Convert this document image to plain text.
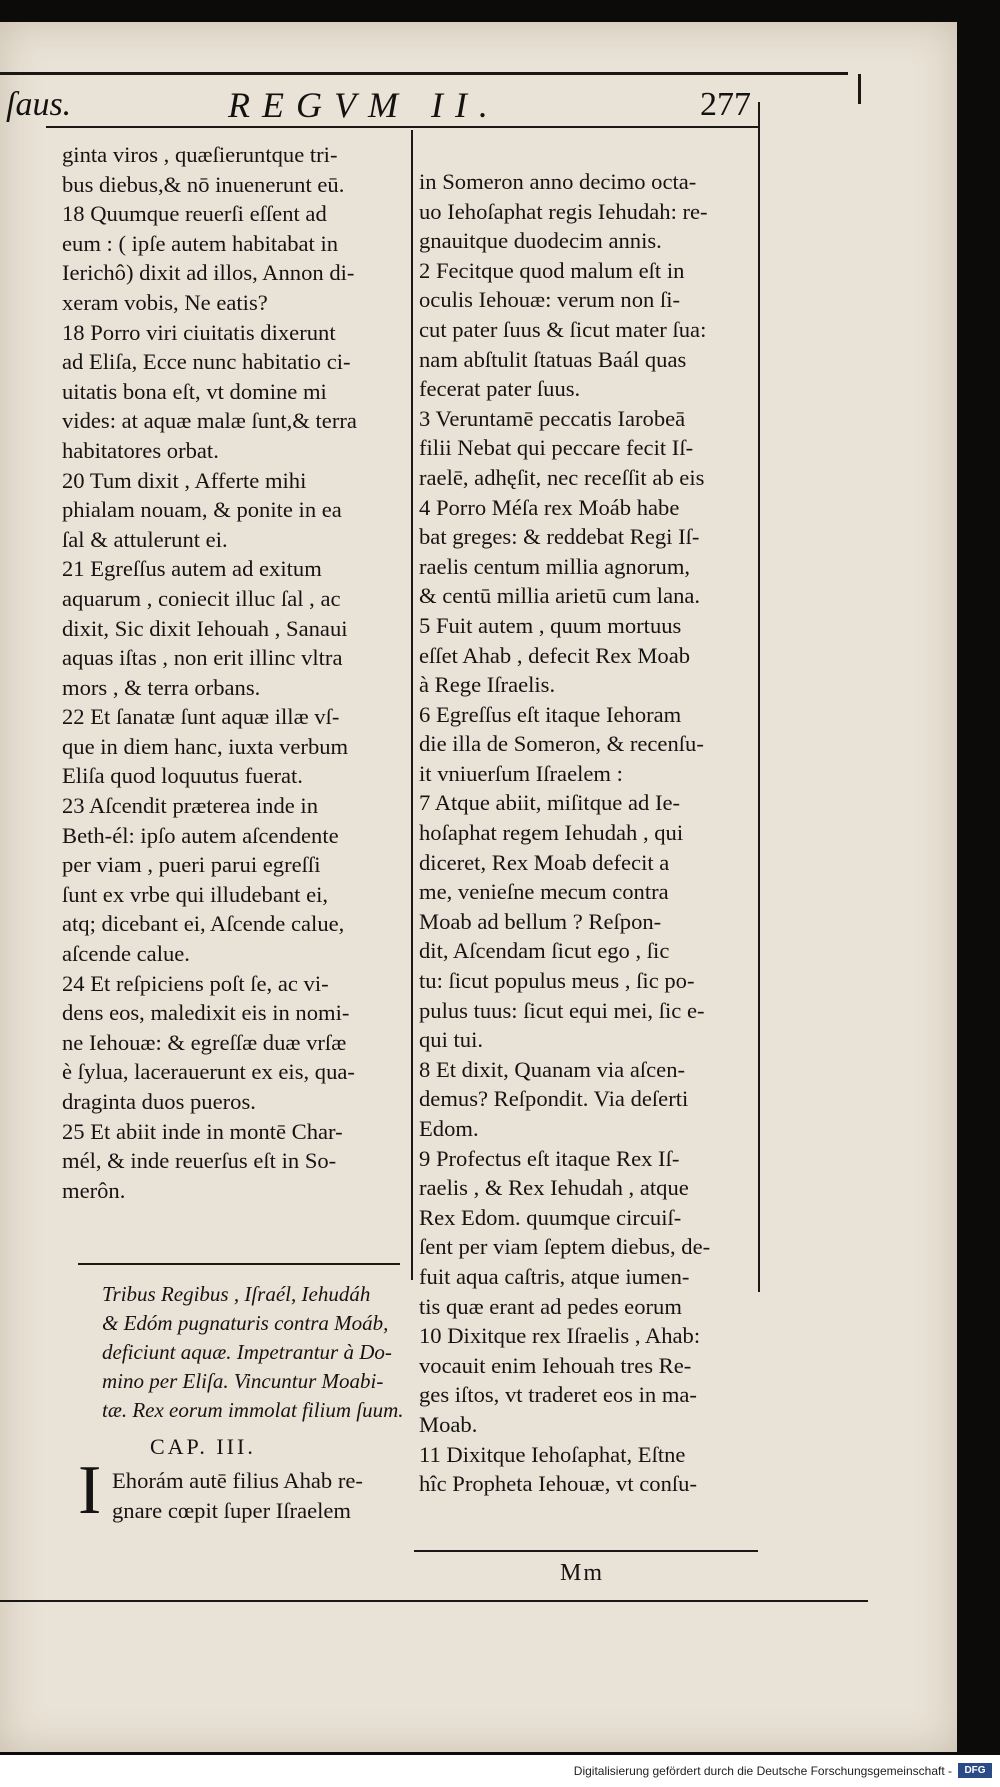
ſaus.	REGVM II.	277
ginta viros , quæſieruntque tri-
bus diebus,& nō inuenerunt eū.
18 Quumque reuerſi eſſent ad
eum : ( ipſe autem habitabat in
Ierichô) dixit ad illos, Annon di-
xeram vobis, Ne eatis?
18 Porro viri ciuitatis dixerunt
ad Eliſa, Ecce nunc habitatio ci-
uitatis bona eſt, vt domine mi
vides: at aquæ malæ ſunt,& terra
habitatores orbat.
20 Tum dixit , Afferte mihi
phialam nouam, & ponite in ea
ſal & attulerunt ei.
21 Egreſſus autem ad exitum
aquarum , coniecit illuc ſal , ac
dixit, Sic dixit Iehouah , Sanaui
aquas iſtas , non erit illinc vltra
mors , & terra orbans.
22 Et ſanatæ ſunt aquæ illæ vſ-
que in diem hanc, iuxta verbum
Eliſa quod loquutus fuerat.
23 Aſcendit præterea inde in
Beth-él: ipſo autem aſcendente
per viam , pueri parui egreſſi
ſunt ex vrbe qui illudebant ei,
atq; dicebant ei, Aſcende calue,
aſcende calue.
24 Et reſpiciens poſt ſe, ac vi-
dens eos, maledixit eis in nomi-
ne Iehouæ: & egreſſæ duæ vrſæ
è ſylua, lacerauerunt ex eis, qua-
draginta duos pueros.
25 Et abiit inde in montē Char-
mél, & inde reuerſus eſt in So-
merôn.
Tribus Regibus , Iſraél, Iehudáh
& Edóm pugnaturis contra Moáb,
deficiunt aquæ. Impetrantur à Do-
mino per Eliſa. Vincuntur Moabi-
tæ. Rex eorum immolat filium ſuum.
CAP. III.
I Ehorám autē filius Ahab re-
gnare cœpit ſuper Iſraelem
in Someron anno decimo octa-
uo Iehoſaphat regis Iehudah: re-
gnauitque duodecim annis.
2 Fecitque quod malum eſt in
oculis Iehouæ: verum non ſi-
cut pater ſuus & ſicut mater ſua:
nam abſtulit ſtatuas Baál quas
fecerat pater ſuus.
3 Veruntamē peccatis Iarobeā
filii Nebat qui peccare fecit Iſ-
raelē, adhęſit, nec receſſit ab eis
4 Porro Méſa rex Moáb habe
bat greges: & reddebat Regi Iſ-
raelis centum millia agnorum,
& centū millia arietū cum lana.
5 Fuit autem , quum mortuus
eſſet Ahab , defecit Rex Moab
à Rege Iſraelis.
6 Egreſſus eſt itaque Iehoram
die illa de Someron, & recenſu-
it vniuerſum Iſraelem :
7 Atque abiit, miſitque ad Ie-
hoſaphat regem Iehudah , qui
diceret, Rex Moab defecit a
me, venieſne mecum contra
Moab ad bellum ? Reſpon-
dit, Aſcendam ſicut ego , ſic
tu: ſicut populus meus , ſic po-
pulus tuus: ſicut equi mei, ſic e-
qui tui.
8 Et dixit, Quanam via aſcen-
demus? Reſpondit. Via deſerti
Edom.
9 Profectus eſt itaque Rex Iſ-
raelis , & Rex Iehudah , atque
Rex Edom. quumque circuiſ-
ſent per viam ſeptem diebus, de-
fuit aqua caſtris, atque iumen-
tis quæ erant ad pedes eorum
10 Dixitque rex Iſraelis , Ahab:
vocauit enim Iehouah tres Re-
ges iſtos, vt traderet eos in ma-
Moab.
11 Dixitque Iehoſaphat, Eſtne
hîc Propheta Iehouæ, vt conſu-
Mm
Digitalisierung gefördert durch die Deutsche Forschungsgemeinschaft -	DFG
